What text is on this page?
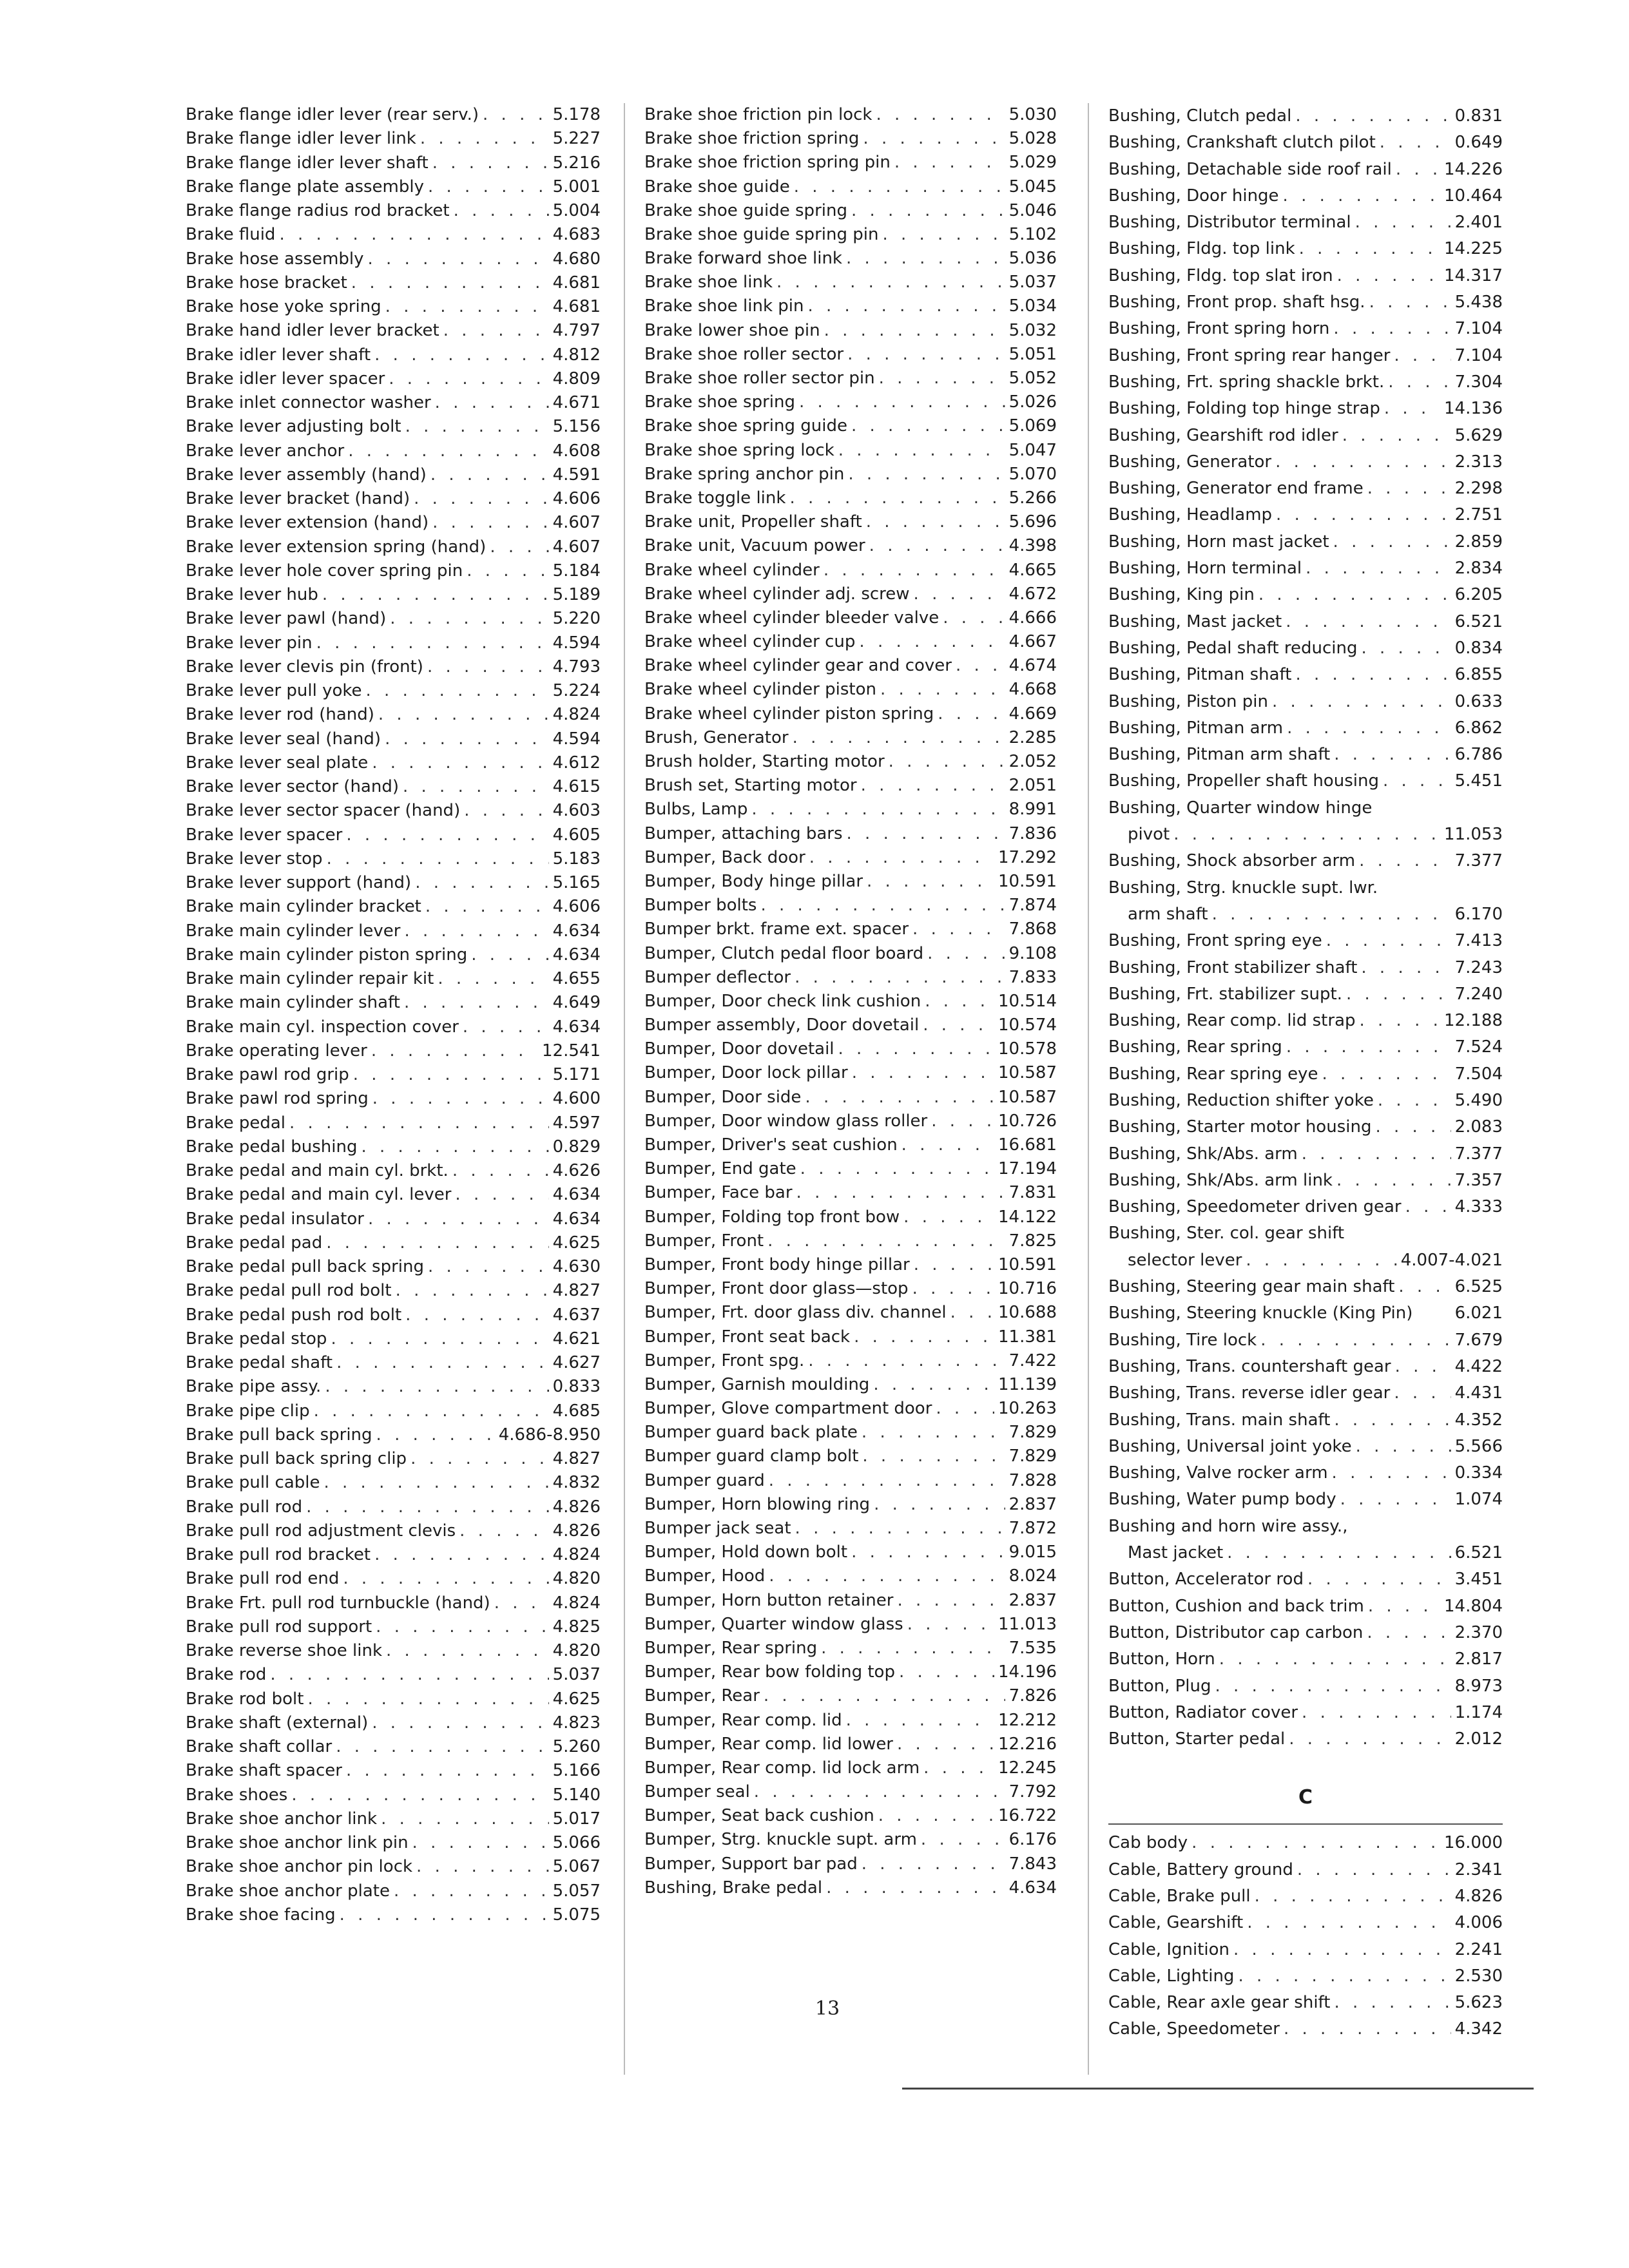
Brake flange idler lever (rear serv.) . . .	5.178
Brake flange idler lever link . . .	5.227
Brake flange idler lever shaft . . .	5.216
Brake flange plate assembly . . .	5.001
Brake flange radius rod bracket . . .	5.004
Brake fluid . . .	4.683
Brake hose assembly . . .	4.680
Brake hose bracket . . .	4.681
Brake hose yoke spring . . .	4.681
Brake hand idler lever bracket . . .	4.797
Brake idler lever shaft . . .	4.812
Brake idler lever spacer . . .	4.809
Brake inlet connector washer . . .	4.671
Brake lever adjusting bolt . . .	5.156
Brake lever anchor . . .	4.608
Brake lever assembly (hand) . . .	4.591
Brake lever bracket (hand) . . .	4.606
Brake lever extension (hand) . . .	4.607
Brake lever extension spring (hand) . . .	4.607
Brake lever hole cover spring pin . . .	5.184
Brake lever hub . . .	5.189
Brake lever pawl (hand) . . .	5.220
Brake lever pin . . .	4.594
Brake lever clevis pin (front) . . .	4.793
Brake lever pull yoke . . .	5.224
Brake lever rod (hand) . . .	4.824
Brake lever seal (hand) . . .	4.594
Brake lever seal plate . . .	4.612
Brake lever sector (hand) . . .	4.615
Brake lever sector spacer (hand) . . .	4.603
Brake lever spacer . . .	4.605
Brake lever stop . . .	5.183
Brake lever support (hand) . . .	5.165
Brake main cylinder bracket . . .	4.606
Brake main cylinder lever . . .	4.634
Brake main cylinder piston spring . . .	4.634
Brake main cylinder repair kit . . .	4.655
Brake main cylinder shaft . . .	4.649
Brake main cyl. inspection cover . . .	4.634
Brake operating lever . . .	12.541
Brake pawl rod grip . . .	5.171
Brake pawl rod spring . . .	4.600
Brake pedal . . .	4.597
Brake pedal bushing . . .	0.829
Brake pedal and main cyl. brkt. . . .	4.626
Brake pedal and main cyl. lever . . .	4.634
Brake pedal insulator . . .	4.634
Brake pedal pad . . .	4.625
Brake pedal pull back spring . . .	4.630
Brake pedal pull rod bolt . . .	4.827
Brake pedal push rod bolt . . .	4.637
Brake pedal stop . . .	4.621
Brake pedal shaft . . .	4.627
Brake pipe assy. . . .	0.833
Brake pipe clip . . .	4.685
Brake pull back spring . . .	4.686-8.950
Brake pull back spring clip . . .	4.827
Brake pull cable . . .	4.832
Brake pull rod . . .	4.826
Brake pull rod adjustment clevis . . .	4.826
Brake pull rod bracket . . .	4.824
Brake pull rod end . . .	4.820
Brake Frt. pull rod turnbuckle (hand) . . .	4.824
Brake pull rod support . . .	4.825
Brake reverse shoe link . . .	4.820
Brake rod . . .	5.037
Brake rod bolt . . .	4.625
Brake shaft (external) . . .	4.823
Brake shaft collar . . .	5.260
Brake shaft spacer . . .	5.166
Brake shoes . . .	5.140
Brake shoe anchor link . . .	5.017
Brake shoe anchor link pin . . .	5.066
Brake shoe anchor pin lock . . .	5.067
Brake shoe anchor plate . . .	5.057
Brake shoe facing . . .	5.075
Brake shoe friction pin lock . . .	5.030
Brake shoe friction spring . . .	5.028
Brake shoe friction spring pin . . .	5.029
Brake shoe guide . . .	5.045
Brake shoe guide spring . . .	5.046
Brake shoe guide spring pin . . .	5.102
Brake forward shoe link . . .	5.036
Brake shoe link . . .	5.037
Brake shoe link pin . . .	5.034
Brake lower shoe pin . . .	5.032
Brake shoe roller sector . . .	5.051
Brake shoe roller sector pin . . .	5.052
Brake shoe spring . . .	5.026
Brake shoe spring guide . . .	5.069
Brake shoe spring lock . . .	5.047
Brake spring anchor pin . . .	5.070
Brake toggle link . . .	5.266
Brake unit, Propeller shaft . . .	5.696
Brake unit, Vacuum power . . .	4.398
Brake wheel cylinder . . .	4.665
Brake wheel cylinder adj. screw . . .	4.672
Brake wheel cylinder bleeder valve . . .	4.666
Brake wheel cylinder cup . . .	4.667
Brake wheel cylinder gear and cover . . .	4.674
Brake wheel cylinder piston . . .	4.668
Brake wheel cylinder piston spring . . .	4.669
Brush, Generator . . .	2.285
Brush holder, Starting motor . . .	2.052
Brush set, Starting motor . . .	2.051
Bulbs, Lamp . . .	8.991
Bumper, attaching bars . . .	7.836
Bumper, Back door . . .	17.292
Bumper, Body hinge pillar . . .	10.591
Bumper bolts . . .	7.874
Bumper brkt. frame ext. spacer . . .	7.868
Bumper, Clutch pedal floor board . . .	9.108
Bumper deflector . . .	7.833
Bumper, Door check link cushion . . .	10.514
Bumper assembly, Door dovetail . . .	10.574
Bumper, Door dovetail . . .	10.578
Bumper, Door lock pillar . . .	10.587
Bumper, Door side . . .	10.587
Bumper, Door window glass roller . . .	10.726
Bumper, Driver's seat cushion . . .	16.681
Bumper, End gate . . .	17.194
Bumper, Face bar . . .	7.831
Bumper, Folding top front bow . . .	14.122
Bumper, Front . . .	7.825
Bumper, Front body hinge pillar . . .	10.591
Bumper, Front door glass—stop . . .	10.716
Bumper, Frt. door glass div. channel . . .	10.688
Bumper, Front seat back . . .	11.381
Bumper, Front spg. . . .	7.422
Bumper, Garnish moulding . . .	11.139
Bumper, Glove compartment door . . .	10.263
Bumper guard back plate . . .	7.829
Bumper guard clamp bolt . . .	7.829
Bumper guard . . .	7.828
Bumper, Horn blowing ring . . .	2.837
Bumper jack seat . . .	7.872
Bumper, Hold down bolt . . .	9.015
Bumper, Hood . . .	8.024
Bumper, Horn button retainer . . .	2.837
Bumper, Quarter window glass . . .	11.013
Bumper, Rear spring . . .	7.535
Bumper, Rear bow folding top . . .	14.196
Bumper, Rear . . .	7.826
Bumper, Rear comp. lid . . .	12.212
Bumper, Rear comp. lid lower . . .	12.216
Bumper, Rear comp. lid lock arm . . .	12.245
Bumper seal . . .	7.792
Bumper, Seat back cushion . . .	16.722
Bumper, Strg. knuckle supt. arm . . .	6.176
Bumper, Support bar pad . . .	7.843
Bushing, Brake pedal . . .	4.634
Bushing, Clutch pedal . . .	0.831
Bushing, Crankshaft clutch pilot . . .	0.649
Bushing, Detachable side roof rail . . .	14.226
Bushing, Door hinge . . .	10.464
Bushing, Distributor terminal . . .	2.401
Bushing, Fldg. top link . . .	14.225
Bushing, Fldg. top slat iron . . .	14.317
Bushing, Front prop. shaft hsg. . . .	5.438
Bushing, Front spring horn . . .	7.104
Bushing, Front spring rear hanger . . .	7.104
Bushing, Frt. spring shackle brkt. . . .	7.304
Bushing, Folding top hinge strap . . .	14.136
Bushing, Gearshift rod idler . . .	5.629
Bushing, Generator . . .	2.313
Bushing, Generator end frame . . .	2.298
Bushing, Headlamp . . .	2.751
Bushing, Horn mast jacket . . .	2.859
Bushing, Horn terminal . . .	2.834
Bushing, King pin . . .	6.205
Bushing, Mast jacket . . .	6.521
Bushing, Pedal shaft reducing . . .	0.834
Bushing, Pitman shaft . . .	6.855
Bushing, Piston pin . . .	0.633
Bushing, Pitman arm . . .	6.862
Bushing, Pitman arm shaft . . .	6.786
Bushing, Propeller shaft housing . . .	5.451
Bushing, Quarter window hinge
pivot . . .	11.053
Bushing, Shock absorber arm . . .	7.377
Bushing, Strg. knuckle supt. lwr.
arm shaft . . .	6.170
Bushing, Front spring eye . . .	7.413
Bushing, Front stabilizer shaft . . .	7.243
Bushing, Frt. stabilizer supt. . . .	7.240
Bushing, Rear comp. lid strap . . .	12.188
Bushing, Rear spring . . .	7.524
Bushing, Rear spring eye . . .	7.504
Bushing, Reduction shifter yoke . . .	5.490
Bushing, Starter motor housing . . .	2.083
Bushing, Shk/Abs. arm . . .	7.377
Bushing, Shk/Abs. arm link . . .	7.357
Bushing, Speedometer driven gear . . .	4.333
Bushing, Ster. col. gear shift
selector lever . . .	4.007-4.021
Bushing, Steering gear main shaft . . .	6.525
Bushing, Steering knuckle (King Pin)	6.021
Bushing, Tire lock . . .	7.679
Bushing, Trans. countershaft gear . . .	4.422
Bushing, Trans. reverse idler gear . . .	4.431
Bushing, Trans. main shaft . . .	4.352
Bushing, Universal joint yoke . . .	5.566
Bushing, Valve rocker arm . . .	0.334
Bushing, Water pump body . . .	1.074
Bushing and horn wire assy.,
Mast jacket . . .	6.521
Button, Accelerator rod . . .	3.451
Button, Cushion and back trim . . .	14.804
Button, Distributor cap carbon . . .	2.370
Button, Horn . . .	2.817
Button, Plug . . .	8.973
Button, Radiator cover . . .	1.174
Button, Starter pedal . . .	2.012
C
Cab body . . .	16.000
Cable, Battery ground . . .	2.341
Cable, Brake pull . . .	4.826
Cable, Gearshift . . .	4.006
Cable, Ignition . . .	2.241
Cable, Lighting . . .	2.530
Cable, Rear axle gear shift . . .	5.623
Cable, Speedometer . . .	4.342
13
